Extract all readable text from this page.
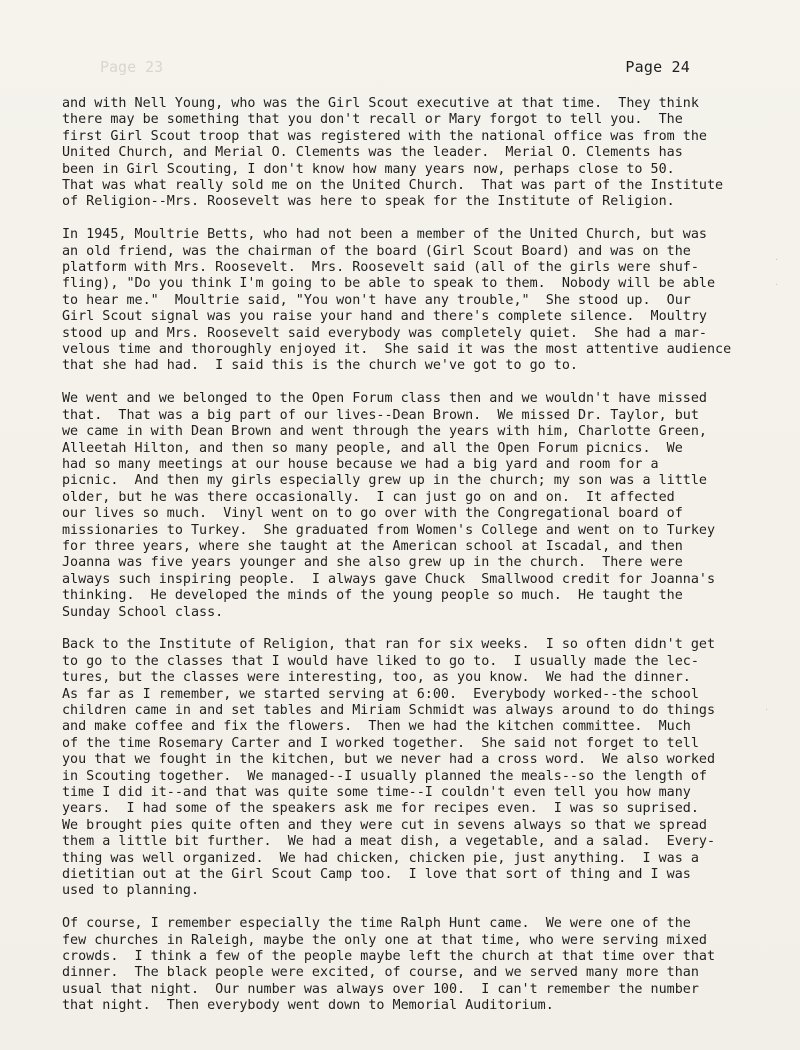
Page 23	Page 24
·
·
·

and with Nell Young, who was the Girl Scout executive at that time.  They think
there may be something that you don't recall or Mary forgot to tell you.  The
first Girl Scout troop that was registered with the national office was from the
United Church, and Merial O. Clements was the leader.  Merial O. Clements has
been in Girl Scouting, I don't know how many years now, perhaps close to 50.
That was what really sold me on the United Church.  That was part of the Institute
of Religion--Mrs. Roosevelt was here to speak for the Institute of Religion.

In 1945, Moultrie Betts, who had not been a member of the United Church, but was
an old friend, was the chairman of the board (Girl Scout Board) and was on the
platform with Mrs. Roosevelt.  Mrs. Roosevelt said (all of the girls were shuf-
fling), "Do you think I'm going to be able to speak to them.  Nobody will be able
to hear me."  Moultrie said, "You won't have any trouble,"  She stood up.  Our
Girl Scout signal was you raise your hand and there's complete silence.  Moultry
stood up and Mrs. Roosevelt said everybody was completely quiet.  She had a mar-
velous time and thoroughly enjoyed it.  She said it was the most attentive audience
that she had had.  I said this is the church we've got to go to.

We went and we belonged to the Open Forum class then and we wouldn't have missed
that.  That was a big part of our lives--Dean Brown.  We missed Dr. Taylor, but
we came in with Dean Brown and went through the years with him, Charlotte Green,
Alleetah Hilton, and then so many people, and all the Open Forum picnics.  We
had so many meetings at our house because we had a big yard and room for a
picnic.  And then my girls especially grew up in the church; my son was a little
older, but he was there occasionally.  I can just go on and on.  It affected
our lives so much.  Vinyl went on to go over with the Congregational board of
missionaries to Turkey.  She graduated from Women's College and went on to Turkey
for three years, where she taught at the American school at Iscadal, and then
Joanna was five years younger and she also grew up in the church.  There were
always such inspiring people.  I always gave Chuck  Smallwood credit for Joanna's
thinking.  He developed the minds of the young people so much.  He taught the
Sunday School class.

Back to the Institute of Religion, that ran for six weeks.  I so often didn't get
to go to the classes that I would have liked to go to.  I usually made the lec-
tures, but the classes were interesting, too, as you know.  We had the dinner.
As far as I remember, we started serving at 6:00.  Everybody worked--the school
children came in and set tables and Miriam Schmidt was always around to do things
and make coffee and fix the flowers.  Then we had the kitchen committee.  Much
of the time Rosemary Carter and I worked together.  She said not forget to tell
you that we fought in the kitchen, but we never had a cross word.  We also worked
in Scouting together.  We managed--I usually planned the meals--so the length of
time I did it--and that was quite some time--I couldn't even tell you how many
years.  I had some of the speakers ask me for recipes even.  I was so suprised.
We brought pies quite often and they were cut in sevens always so that we spread
them a little bit further.  We had a meat dish, a vegetable, and a salad.  Every-
thing was well organized.  We had chicken, chicken pie, just anything.  I was a
dietitian out at the Girl Scout Camp too.  I love that sort of thing and I was
used to planning.

Of course, I remember especially the time Ralph Hunt came.  We were one of the
few churches in Raleigh, maybe the only one at that time, who were serving mixed
crowds.  I think a few of the people maybe left the church at that time over that
dinner.  The black people were excited, of course, and we served many more than
usual that night.  Our number was always over 100.  I can't remember the number
that night.  Then everybody went down to Memorial Auditorium.
